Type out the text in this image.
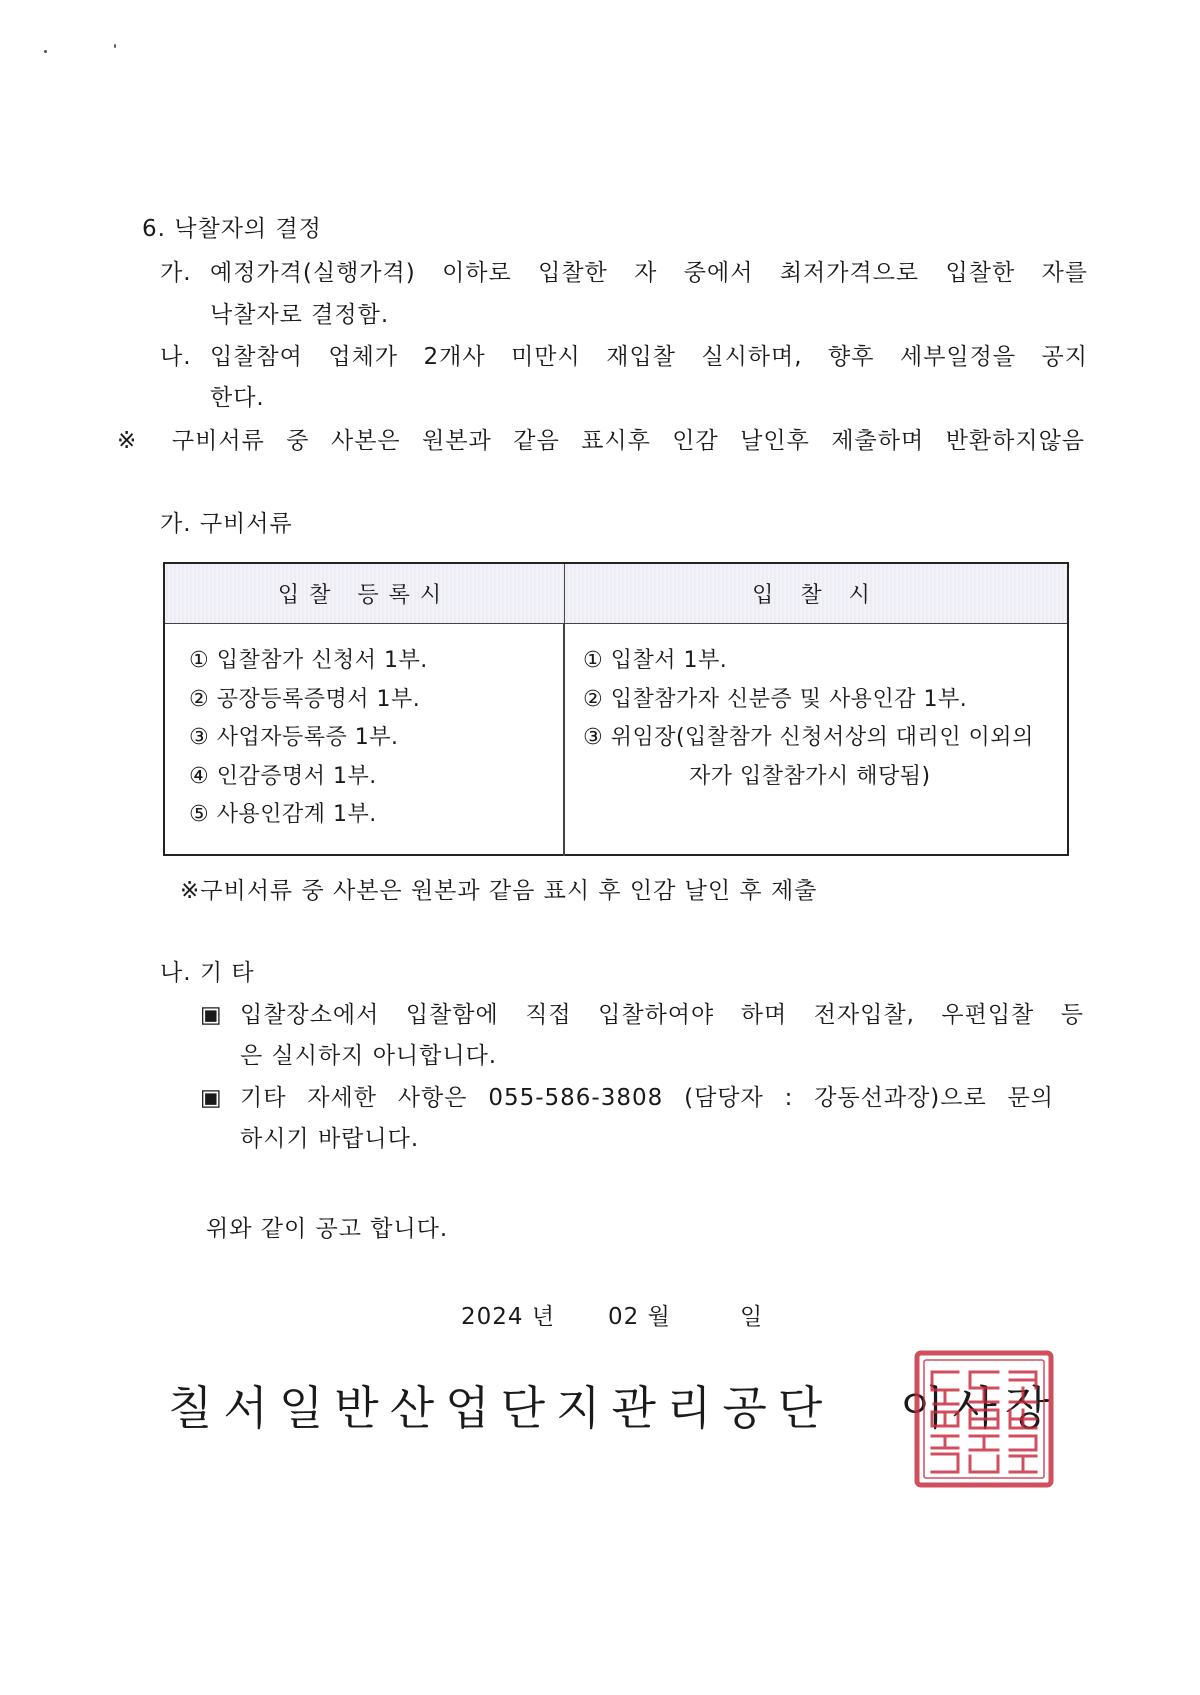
6. 낙찰자의 결정
가. 예정가격(실행가격) 이하로 입찰한 자 중에서 최저가격으로 입찰한 자를
낙찰자로 결정함.
나. 입찰참여 업체가 2개사 미만시 재입찰 실시하며, 향후 세부일정을 공지
한다.
※ 구비서류 중 사본은 원본과 같음 표시후 인감 날인후 제출하며 반환하지않음
가. 구비서류
입찰 등록시	입 찰 시
① 입찰참가 신청서 1부.
② 공장등록증명서 1부.
③ 사업자등록증 1부.
④ 인감증명서 1부.
⑤ 사용인감계 1부.
① 입찰서 1부.
② 입찰참가자 신분증 및 사용인감 1부.
③ 위임장(입찰참가 신청서상의 대리인 이외의
자가 입찰참가시 해당됨)
※구비서류 중 사본은 원본과 같음 표시 후 인감 날인 후 제출
나. 기 타
▣ 입찰장소에서 입찰함에 직접 입찰하여야 하며 전자입찰, 우편입찰 등
은 실시하지 아니합니다.
▣ 기타 자세한 사항은 055-586-3808 (담당자 : 강동선과장)으로 문의
하시기 바랍니다.
위와 같이 공고 합니다.
2024 년 02 월	일
칠서일반산업단지관리공단 이사장
